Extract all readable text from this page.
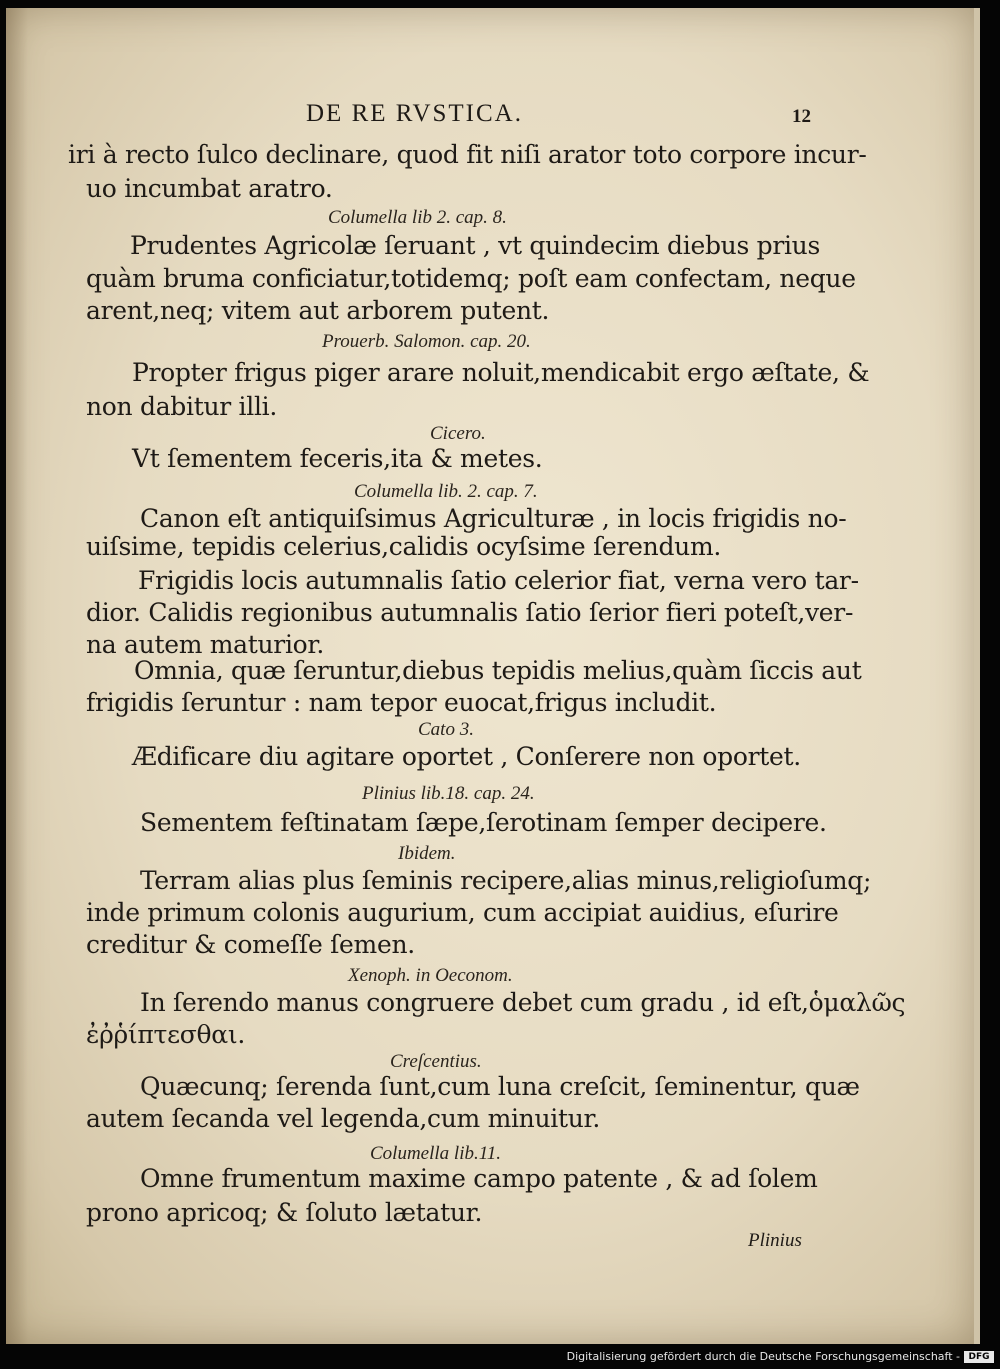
DE RE RVSTICA.	12
iri à recto ſulco declinare, quod fit niſi arator toto corpore incur-
uo incumbat aratro.
Columella lib 2. cap. 8.
Prudentes Agricolæ ſeruant , vt quindecim diebus prius
quàm bruma conficiatur,totidemq; poſt eam confectam, neque
arent,neq; vitem aut arborem putent.
Prouerb. Salomon. cap. 20.
Propter frigus piger arare noluit,mendicabit ergo æſtate, &
non dabitur illi.
Cicero.
Vt ſementem feceris,ita & metes.
Columella lib. 2. cap. 7.
Canon eſt antiquiſsimus Agriculturæ , in locis frigidis no-
uiſsime, tepidis celerius,calidis ocyſsime ſerendum.
Frigidis locis autumnalis ſatio celerior fiat, verna vero tar-
dior. Calidis regionibus autumnalis ſatio ſerior fieri poteſt,ver-
na autem maturior.
Omnia, quæ ſeruntur,diebus tepidis melius,quàm ſiccis aut
frigidis ſeruntur : nam tepor euocat,frigus includit.
Cato 3.
Ædificare diu agitare oportet , Conſerere non oportet.
Plinius lib.18. cap. 24.
Sementem feſtinatam ſæpe,ſerotinam ſemper decipere.
Ibidem.
Terram alias plus ſeminis recipere,alias minus,religioſumq;
inde primum colonis augurium, cum accipiat auidius, eſurire
creditur & comeſſe ſemen.
Xenoph. in Oeconom.
In ſerendo manus congruere debet cum gradu , id eſt,ὁμαλῶς
ἐῤῥίπτεσθαι.
Creſcentius.
Quæcunq; ſerenda ſunt,cum luna creſcit, ſeminentur, quæ
autem ſecanda vel legenda,cum minuitur.
Columella lib.11.
Omne frumentum maxime campo patente , & ad ſolem
prono apricoq; & ſoluto lætatur.
Plinius
Digitalisierung gefördert durch die Deutsche Forschungsgemeinschaft - DFG
